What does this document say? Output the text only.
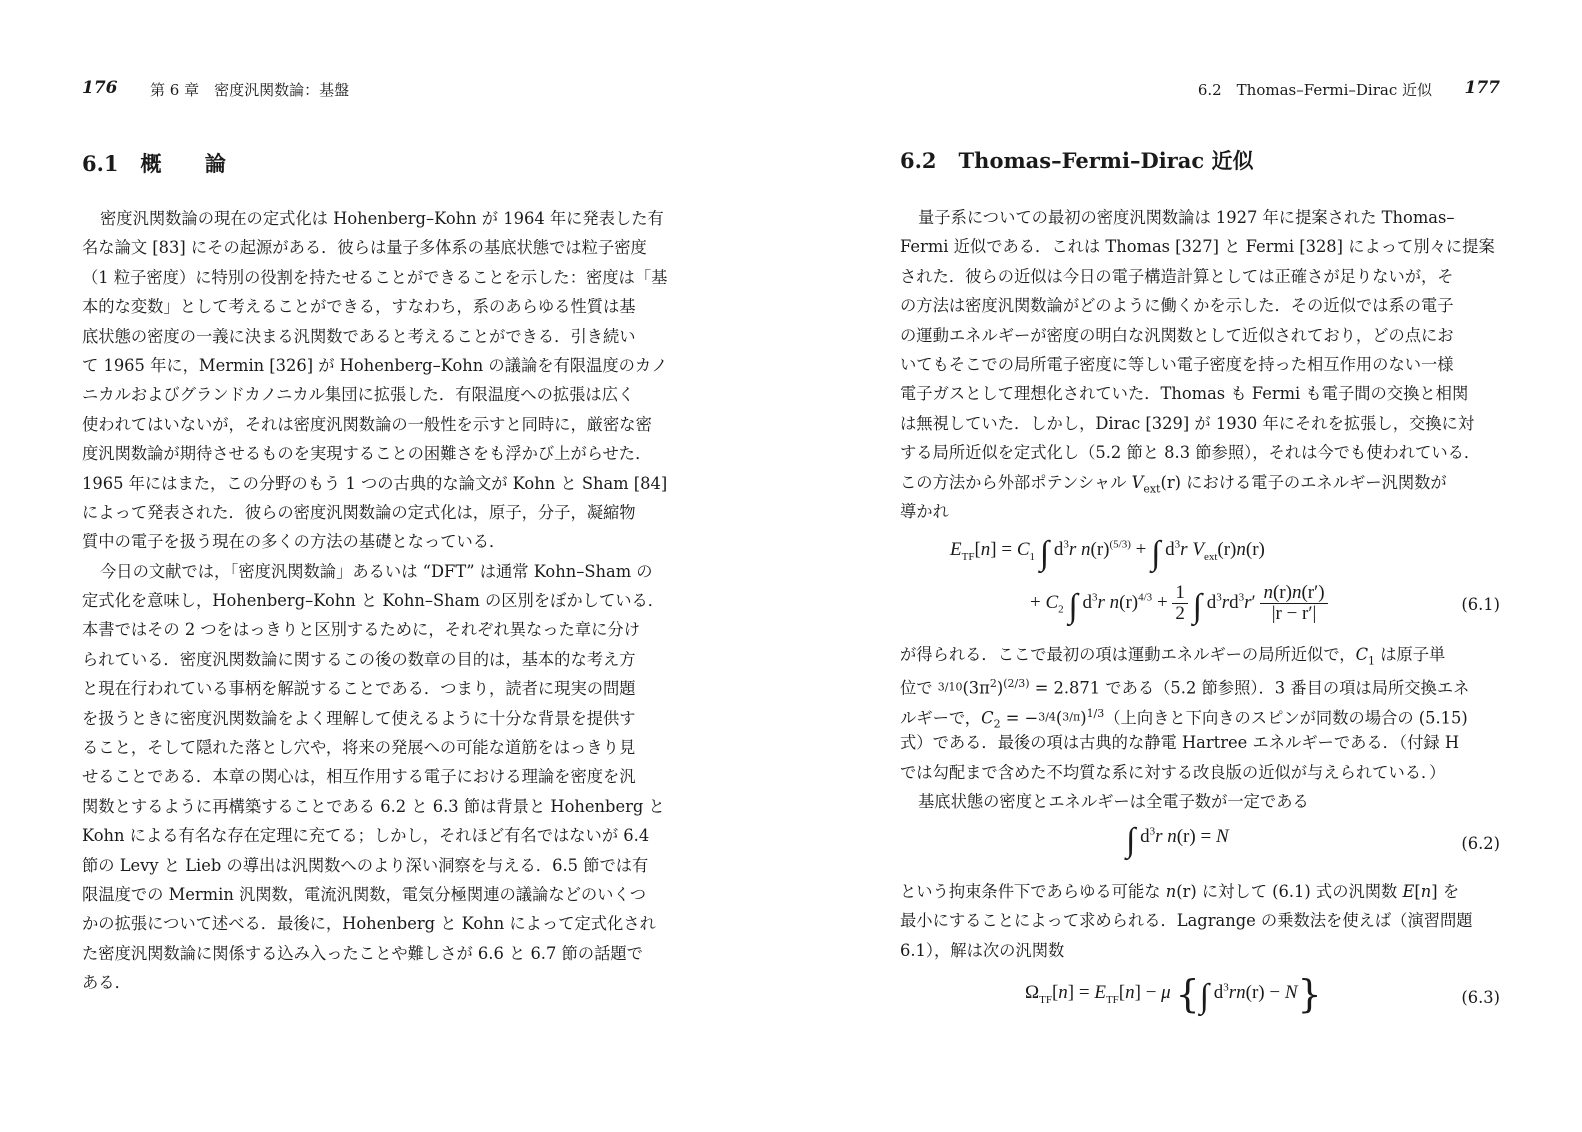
176 第 6 章　密度汎関数論：基盤
6.1 概 論
密度汎関数論の現在の定式化は Hohenberg–Kohn が 1964 年に発表した有
名な論文 [83] にその起源がある．彼らは量子多体系の基底状態では粒子密度
（1 粒子密度）に特別の役割を持たせることができることを示した：密度は「基
本的な変数」として考えることができる，すなわち，系のあらゆる性質は基
底状態の密度の一義に決まる汎関数であると考えることができる．引き続い
て 1965 年に，Mermin [326] が Hohenberg–Kohn の議論を有限温度のカノ
ニカルおよびグランドカノニカル集団に拡張した．有限温度への拡張は広く
使われてはいないが，それは密度汎関数論の一般性を示すと同時に，厳密な密
度汎関数論が期待させるものを実現することの困難さをも浮かび上がらせた．
1965 年にはまた，この分野のもう 1 つの古典的な論文が Kohn と Sham [84]
によって発表された．彼らの密度汎関数論の定式化は，原子，分子，凝縮物
質中の電子を扱う現在の多くの方法の基礎となっている．
今日の文献では，「密度汎関数論」あるいは “DFT” は通常 Kohn–Sham の
定式化を意味し，Hohenberg–Kohn と Kohn–Sham の区別をぼかしている．
本書ではその 2 つをはっきりと区別するために，それぞれ異なった章に分け
られている．密度汎関数論に関するこの後の数章の目的は，基本的な考え方
と現在行われている事柄を解説することである．つまり，読者に現実の問題
を扱うときに密度汎関数論をよく理解して使えるように十分な背景を提供す
ること，そして隠れた落とし穴や，将来の発展への可能な道筋をはっきり見
せることである．本章の関心は，相互作用する電子における理論を密度を汎
関数とするように再構築することである 6.2 と 6.3 節は背景と Hohenberg と
Kohn による有名な存在定理に充てる；しかし，それほど有名ではないが 6.4
節の Levy と Lieb の導出は汎関数へのより深い洞察を与える．6.5 節では有
限温度での Mermin 汎関数，電流汎関数，電気分極関連の議論などのいくつ
かの拡張について述べる．最後に，Hohenberg と Kohn によって定式化され
た密度汎関数論に関係する込み入ったことや難しさが 6.6 と 6.7 節の話題で
ある．
6.2　Thomas–Fermi–Dirac 近似 177
6.2 Thomas–Fermi–Dirac 近似
量子系についての最初の密度汎関数論は 1927 年に提案された Thomas–
Fermi 近似である．これは Thomas [327] と Fermi [328] によって別々に提案
された．彼らの近似は今日の電子構造計算としては正確さが足りないが，そ
の方法は密度汎関数論がどのように働くかを示した．その近似では系の電子
の運動エネルギーが密度の明白な汎関数として近似されており，どの点にお
いてもそこでの局所電子密度に等しい電子密度を持った相互作用のない一様
電子ガスとして理想化されていた．Thomas も Fermi も電子間の交換と相関
は無視していた．しかし，Dirac [329] が 1930 年にそれを拡張し，交換に対
する局所近似を定式化し（5.2 節と 8.3 節参照），それは今でも使われている．
この方法から外部ポテンシャル $V_{ext}(r)$ における電子のエネルギー汎関数が
導かれ
$E_{TF}[n] = C_1$ ∫ $d^3r$ $n(r)^{(5/3)}$ + ∫ $d^3r$ $V_{ext}(r)n(r)$
+ $C_2$ ∫ $d^3r$ $n(r)^{4/3} + \frac{1}{2}$ ∫ $d^3rd^3r' \frac{n(r)n(r')}{|r - r'|}$	(6.1)
が得られる．ここで最初の項は運動エネルギーの局所近似で，$C_1$ は原子単
位で $3/10(3\pi^2)^{(2/3)} = 2.871$ である（5.2 節参照）．3 番目の項は局所交換エネ
ルギーで，$C_2 = -3/4(3/\pi)^{1/3}$（上向きと下向きのスピンが同数の場合の (5.15)
式）である．最後の項は古典的な静電 Hartree エネルギーである．（付録 H
では勾配まで含めた不均質な系に対する改良版の近似が与えられている．）
基底状態の密度とエネルギーは全電子数が一定である
∫ $d^3r$ n(r) = N	(6.2)
という拘束条件下であらゆる可能な n(r) に対して (6.1) 式の汎関数 E[n] を
最小にすることによって求められる．Lagrange の乗数法を使えば（演習問題
6.1），解は次の汎関数
$\Omega_{TF}[n] = E_{TF}[n] - \mu$ {∫ $d^3rn(r) - N$}	(6.3)
